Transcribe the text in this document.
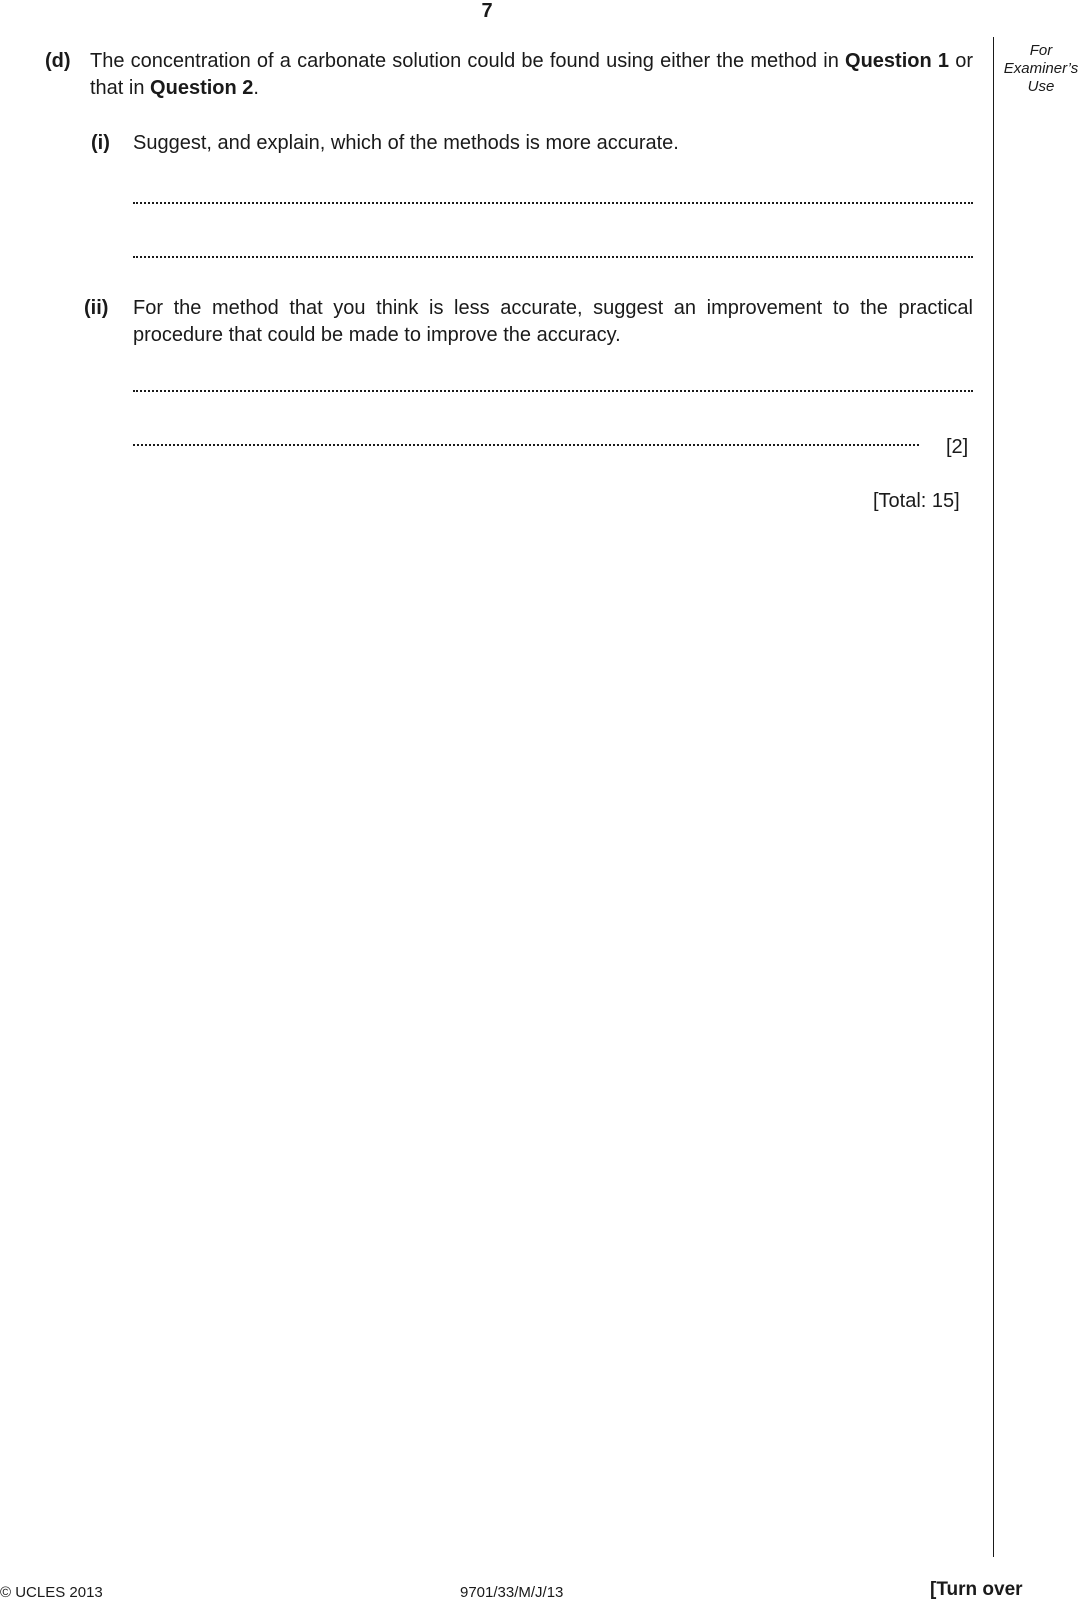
7
For
Examiner’s
Use
(d) The concentration of a carbonate solution could be found using either the method in Question 1 or that in Question 2.

(i) Suggest, and explain, which of the methods is more accurate.

(ii) For the method that you think is less accurate, suggest an improvement to the practical procedure that could be made to improve the accuracy.

[2]
[Total: 15]
© UCLES 2013	9701/33/M/J/13	[Turn over
